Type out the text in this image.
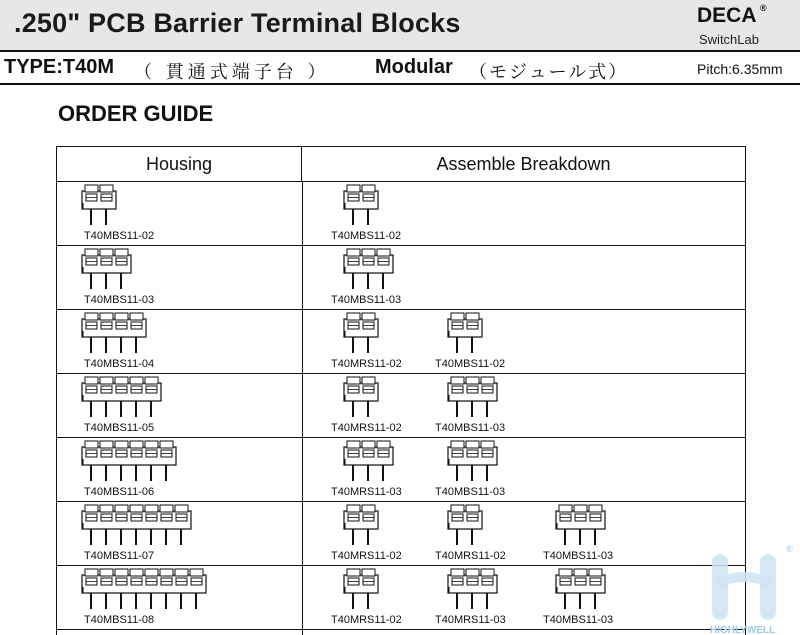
.250" PCB Barrier Terminal Blocks	DECA ®
SwitchLab
TYPE:T40M （ 貫通式端子台 ） Modular （モジュール式）	Pitch:6.35mm
ORDER GUIDE
Housing	Assemble Breakdown
T40MBS11-02	T40MBS11-02
T40MBS11-03	T40MBS11-03
T40MBS11-04	T40MRS11-02	T40MBS11-02
T40MBS11-05	T40MRS11-02	T40MBS11-03
T40MBS11-06	T40MRS11-03	T40MBS11-03
T40MBS11-07	T40MRS11-02	T40MRS11-02	T40MBS11-03
T40MBS11-08	T40MRS11-02	T40MRS11-03	T40MBS11-03
®
HIGHLYWELL
